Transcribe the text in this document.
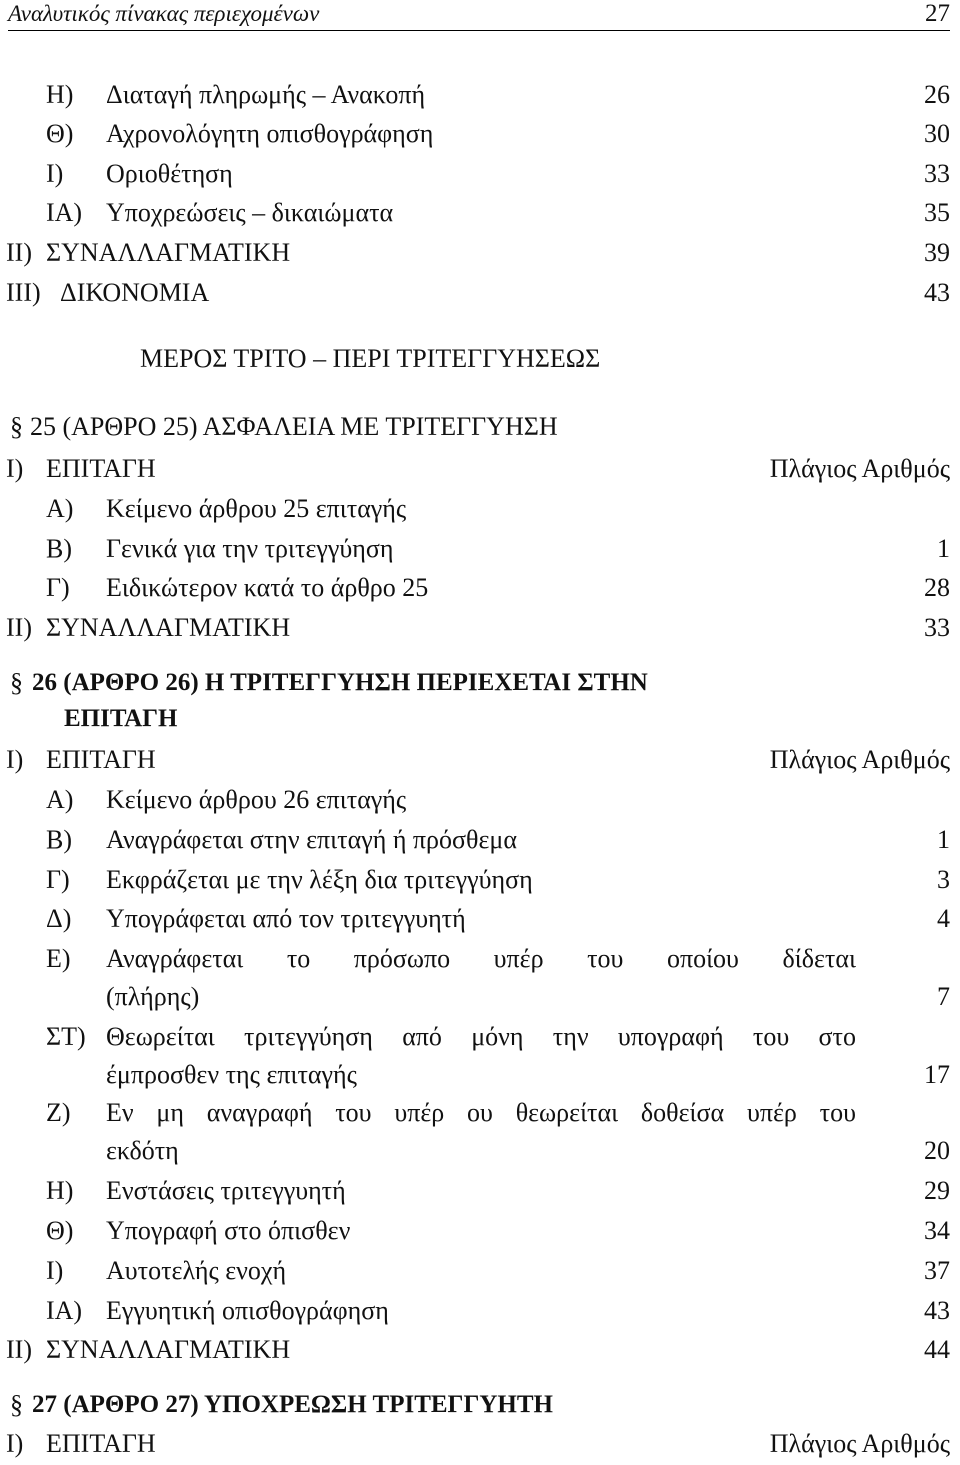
Αναλυτικός πίνακας περιεχομένων	27
Η) Διαταγή πληρωμής – Ανακοπή	26
Θ) Αχρονολόγητη οπισθογράφηση	30
Ι) Οριοθέτηση	33
ΙΑ) Υποχρεώσεις – δικαιώματα	35
ΙΙ) ΣΥΝΑΛΛΑΓΜΑΤΙΚΗ	39
ΙΙΙ) ΔΙΚΟΝΟΜΙΑ	43
ΜΕΡΟΣ ΤΡΙΤΟ – ΠΕΡΙ ΤΡΙΤΕΓΓΥΗΣΕΩΣ
§ 25 (ΑΡΘΡΟ 25) ΑΣΦΑΛΕΙΑ ΜΕ ΤΡΙΤΕΓΓΥΗΣΗ
Ι) ΕΠΙΤΑΓΗ	Πλάγιος Αριθμός
Α) Κείμενο άρθρου 25 επιταγής
Β) Γενικά για την τριτεγγύηση	1
Γ) Ειδικώτερον κατά το άρθρο 25	28
ΙΙ) ΣΥΝΑΛΛΑΓΜΑΤΙΚΗ	33
§ 26 (ΑΡΘΡΟ 26) Η ΤΡΙΤΕΓΓΥΗΣΗ ΠΕΡΙΕΧΕΤΑΙ ΣΤΗΝ
ΕΠΙΤΑΓΗ
Ι) ΕΠΙΤΑΓΗ	Πλάγιος Αριθμός
Α) Κείμενο άρθρου 26 επιταγής
Β) Αναγράφεται στην επιταγή ή πρόσθεμα	1
Γ) Εκφράζεται με την λέξη δια τριτεγγύηση	3
Δ) Υπογράφεται από τον τριτεγγυητή	4
Ε) Αναγράφεται το πρόσωπο υπέρ του οποίου δίδεται
(πλήρης)	7
ΣΤ) Θεωρείται τριτεγγύηση από μόνη την υπογραφή του στο
έμπροσθεν της επιταγής	17
Ζ) Εν μη αναγραφή του υπέρ ου θεωρείται δοθείσα υπέρ του
εκδότη	20
Η) Ενστάσεις τριτεγγυητή	29
Θ) Υπογραφή στο όπισθεν	34
Ι) Αυτοτελής ενοχή	37
ΙΑ) Εγγυητική οπισθογράφηση	43
ΙΙ) ΣΥΝΑΛΛΑΓΜΑΤΙΚΗ	44
§ 27 (ΑΡΘΡΟ 27) ΥΠΟΧΡΕΩΣΗ ΤΡΙΤΕΓΓΥΗΤΗ
Ι) ΕΠΙΤΑΓΗ	Πλάγιος Αριθμός
